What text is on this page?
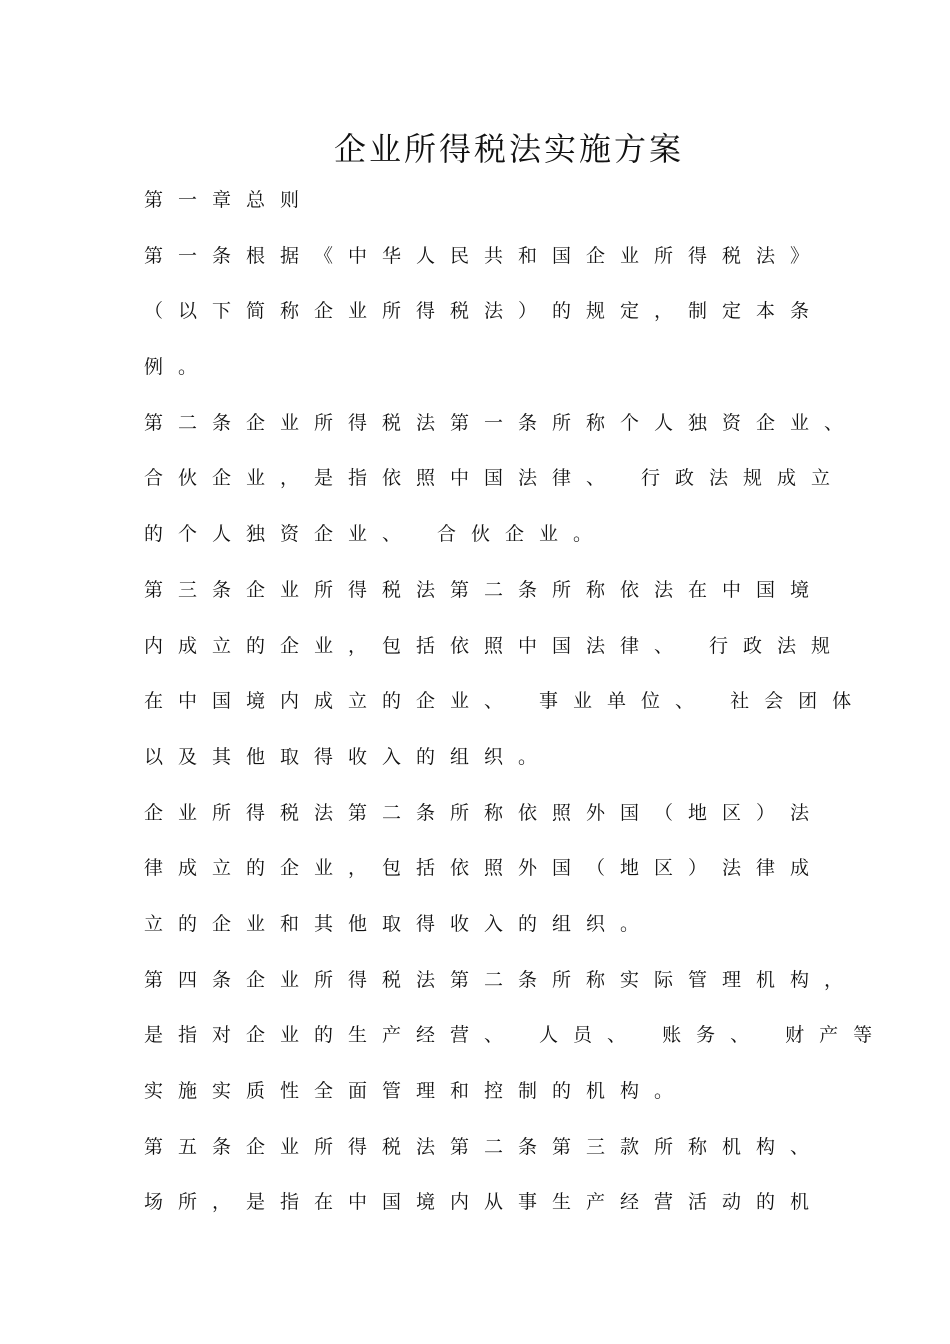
企业所得税法实施方案
第一章总则
第一条根据《中华人民共和国企业所得税法》
（以下简称企业所得税法）的规定，制定本条
例。
第二条企业所得税法第一条所称个人独资企业、
合伙企业，是指依照中国法律、 行政法规成立
的个人独资企业、 合伙企业。
第三条企业所得税法第二条所称依法在中国境
内成立的企业，包括依照中国法律、 行政法规
在中国境内成立的企业、 事业单位、 社会团体
以及其他取得收入的组织。
企业所得税法第二条所称依照外国（地区）法
律成立的企业，包括依照外国（地区）法律成
立的企业和其他取得收入的组织。
第四条企业所得税法第二条所称实际管理机构，
是指对企业的生产经营、 人员、 账务、 财产等
实施实质性全面管理和控制的机构。
第五条企业所得税法第二条第三款所称机构、
场所，是指在中国境内从事生产经营活动的机
